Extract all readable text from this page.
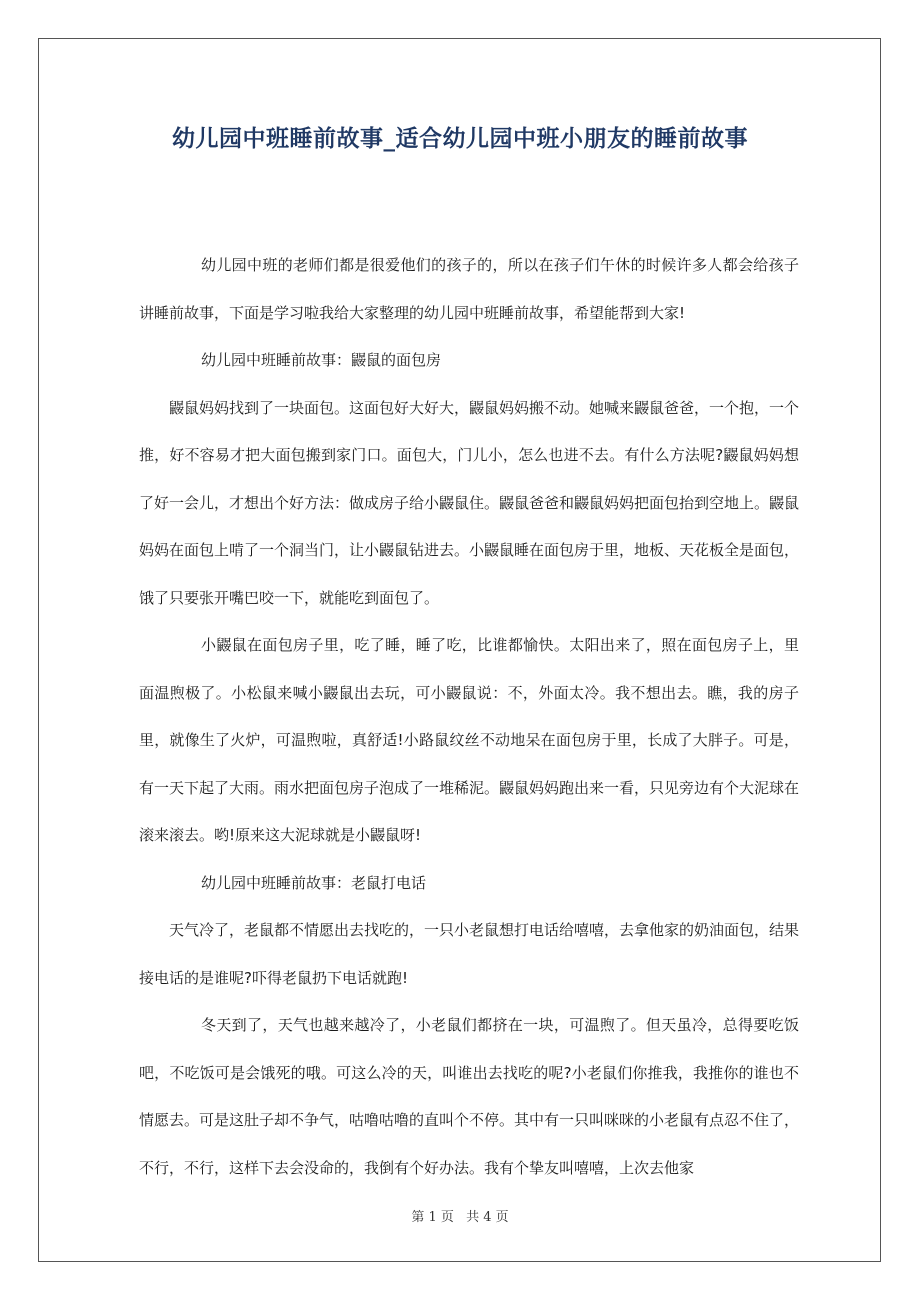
幼儿园中班睡前故事_适合幼儿园中班小朋友的睡前故事

幼儿园中班的老师们都是很爱他们的孩子的，所以在孩子们午休的时候许多人都会给孩子讲睡前故事，下面是学习啦我给大家整理的幼儿园中班睡前故事，希望能帮到大家!

幼儿园中班睡前故事：鼹鼠的面包房

鼹鼠妈妈找到了一块面包。这面包好大好大，鼹鼠妈妈搬不动。她喊来鼹鼠爸爸，一个抱，一个推，好不容易才把大面包搬到家门口。面包大，门儿小，怎么也进不去。有什么方法呢?鼹鼠妈妈想了好一会儿，才想出个好方法：做成房子给小鼹鼠住。鼹鼠爸爸和鼹鼠妈妈把面包抬到空地上。鼹鼠妈妈在面包上啃了一个洞当门，让小鼹鼠钻进去。小鼹鼠睡在面包房于里，地板、天花板全是面包，饿了只要张开嘴巴咬一下，就能吃到面包了。

小鼹鼠在面包房子里，吃了睡，睡了吃，比谁都愉快。太阳出来了，照在面包房子上，里面温煦极了。小松鼠来喊小鼹鼠出去玩，可小鼹鼠说：不，外面太冷。我不想出去。瞧，我的房子里，就像生了火炉，可温煦啦，真舒适!小路鼠纹丝不动地呆在面包房于里，长成了大胖子。可是，有一天下起了大雨。雨水把面包房子泡成了一堆稀泥。鼹鼠妈妈跑出来一看，只见旁边有个大泥球在滚来滚去。哟!原来这大泥球就是小鼹鼠呀!

幼儿园中班睡前故事：老鼠打电话

天气冷了，老鼠都不情愿出去找吃的，一只小老鼠想打电话给嘻嘻，去拿他家的奶油面包，结果接电话的是谁呢?吓得老鼠扔下电话就跑!

冬天到了，天气也越来越冷了，小老鼠们都挤在一块，可温煦了。但天虽冷，总得要吃饭吧，不吃饭可是会饿死的哦。可这么冷的天，叫谁出去找吃的呢?小老鼠们你推我，我推你的谁也不情愿去。可是这肚子却不争气，咕噜咕噜的直叫个不停。其中有一只叫咪咪的小老鼠有点忍不住了，不行，不行，这样下去会没命的，我倒有个好办法。我有个挚友叫嘻嘻，上次去他家

第 1 页 共 4 页
